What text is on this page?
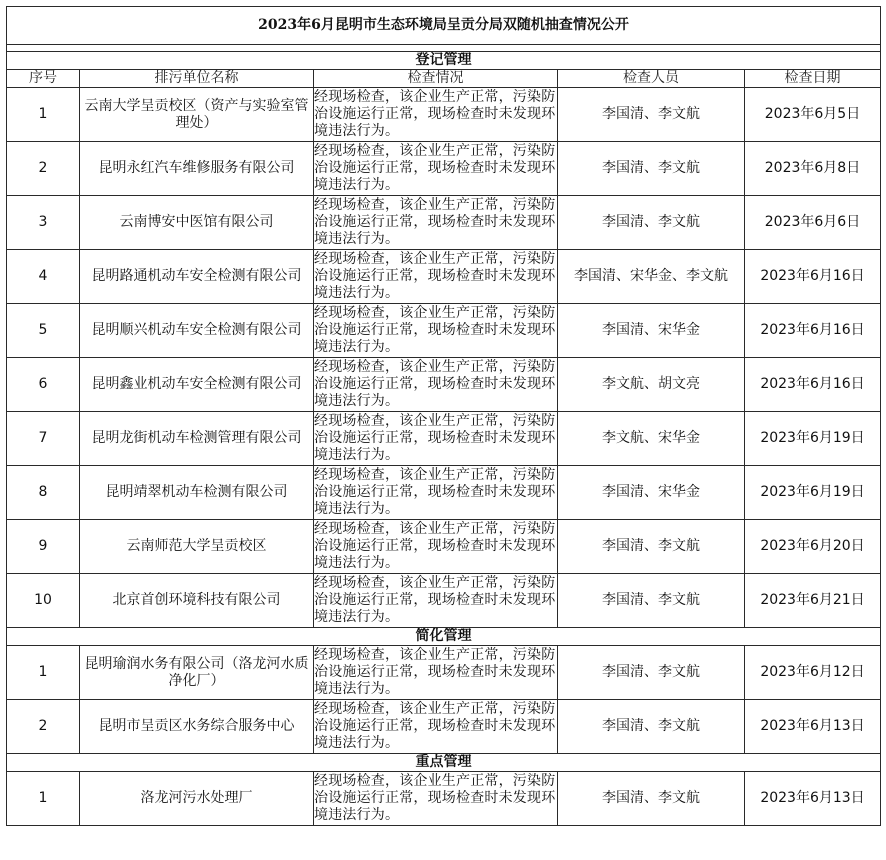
2023年6月昆明市生态环境局呈贡分局双随机抽查情况公开				

登记管理				
序号	排污单位名称	检查情况	检查人员	检查日期
1	云南大学呈贡校区（资产与实验室管理处）	经现场检查，该企业生产正常，污染防治设施运行正常，现场检查时未发现环境违法行为。	李国清、李文航	2023年6月5日
2	昆明永红汽车维修服务有限公司	经现场检查，该企业生产正常，污染防治设施运行正常，现场检查时未发现环境违法行为。	李国清、李文航	2023年6月8日
3	云南博安中医馆有限公司	经现场检查，该企业生产正常，污染防治设施运行正常，现场检查时未发现环境违法行为。	李国清、李文航	2023年6月6日
4	昆明路通机动车安全检测有限公司	经现场检查，该企业生产正常，污染防治设施运行正常，现场检查时未发现环境违法行为。	李国清、宋华金、李文航	2023年6月16日
5	昆明顺兴机动车安全检测有限公司	经现场检查，该企业生产正常，污染防治设施运行正常，现场检查时未发现环境违法行为。	李国清、宋华金	2023年6月16日
6	昆明鑫业机动车安全检测有限公司	经现场检查，该企业生产正常，污染防治设施运行正常，现场检查时未发现环境违法行为。	李文航、胡文亮	2023年6月16日
7	昆明龙街机动车检测管理有限公司	经现场检查，该企业生产正常，污染防治设施运行正常，现场检查时未发现环境违法行为。	李文航、宋华金	2023年6月19日
8	昆明靖翠机动车检测有限公司	经现场检查，该企业生产正常，污染防治设施运行正常，现场检查时未发现环境违法行为。	李国清、宋华金	2023年6月19日
9	云南师范大学呈贡校区	经现场检查，该企业生产正常，污染防治设施运行正常，现场检查时未发现环境违法行为。	李国清、李文航	2023年6月20日
10	北京首创环境科技有限公司	经现场检查，该企业生产正常，污染防治设施运行正常，现场检查时未发现环境违法行为。	李国清、李文航	2023年6月21日
简化管理				
1	昆明瑜润水务有限公司（洛龙河水质净化厂）	经现场检查，该企业生产正常，污染防治设施运行正常，现场检查时未发现环境违法行为。	李国清、李文航	2023年6月12日
2	昆明市呈贡区水务综合服务中心	经现场检查，该企业生产正常，污染防治设施运行正常，现场检查时未发现环境违法行为。	李国清、李文航	2023年6月13日
重点管理				
1	洛龙河污水处理厂	经现场检查，该企业生产正常，污染防治设施运行正常，现场检查时未发现环境违法行为。	李国清、李文航	2023年6月13日
